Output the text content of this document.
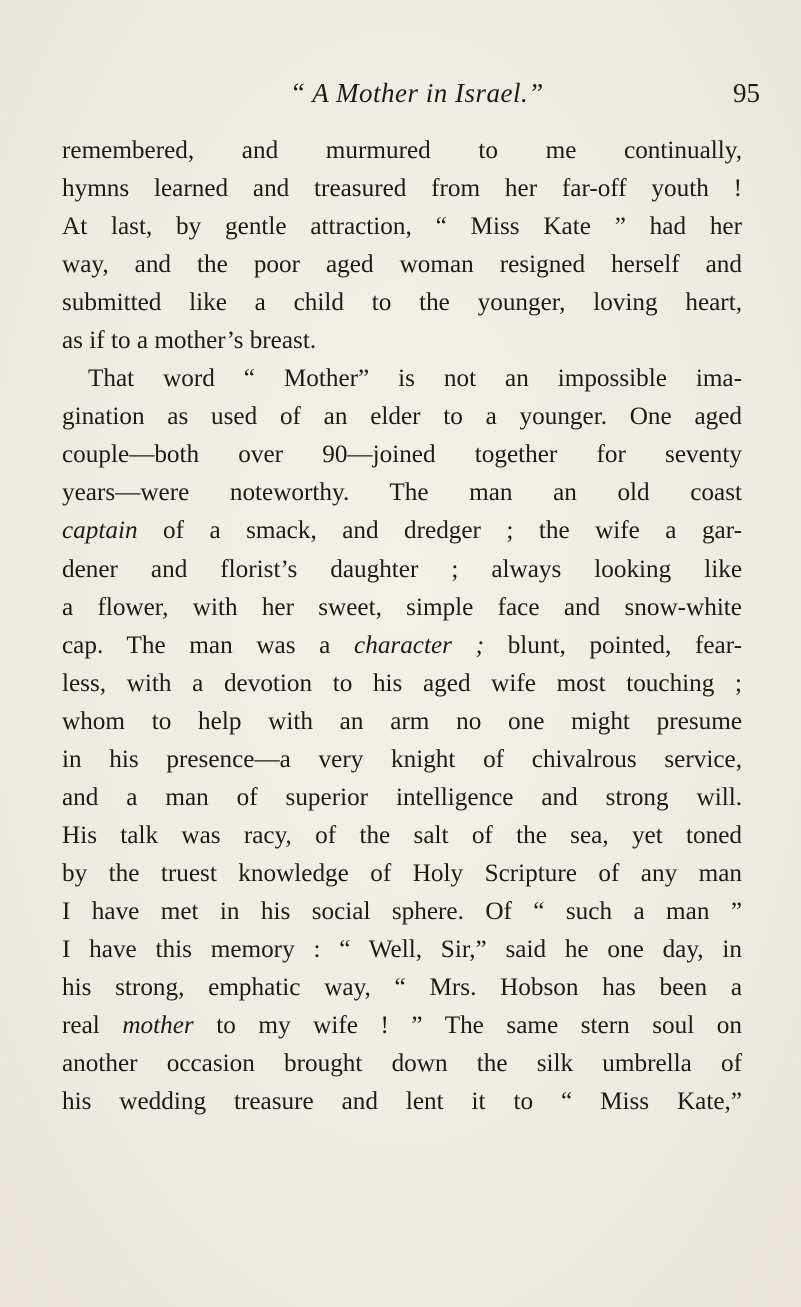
“ A Mother in Israel.”	95
remembered, and murmured to me continually,
hymns learned and treasured from her far-off youth !
At last, by gentle attraction, “ Miss Kate ” had her
way, and the poor aged woman resigned herself and
submitted like a child to the younger, loving heart,
as if to a mother’s breast.
That word “ Mother” is not an impossible ima-
gination as used of an elder to a younger. One aged
couple—both over 90—joined together for seventy
years—were noteworthy. The man an old coast
captain of a smack, and dredger ; the wife a gar-
dener and florist’s daughter ; always looking like
a flower, with her sweet, simple face and snow-white
cap. The man was a character ; blunt, pointed, fear-
less, with a devotion to his aged wife most touching ;
whom to help with an arm no one might presume
in his presence—a very knight of chivalrous service,
and a man of superior intelligence and strong will.
His talk was racy, of the salt of the sea, yet toned
by the truest knowledge of Holy Scripture of any man
I have met in his social sphere. Of “ such a man ”
I have this memory : “ Well, Sir,” said he one day, in
his strong, emphatic way, “ Mrs. Hobson has been a
real mother to my wife ! ” The same stern soul on
another occasion brought down the silk umbrella of
his wedding treasure and lent it to “ Miss Kate,”
